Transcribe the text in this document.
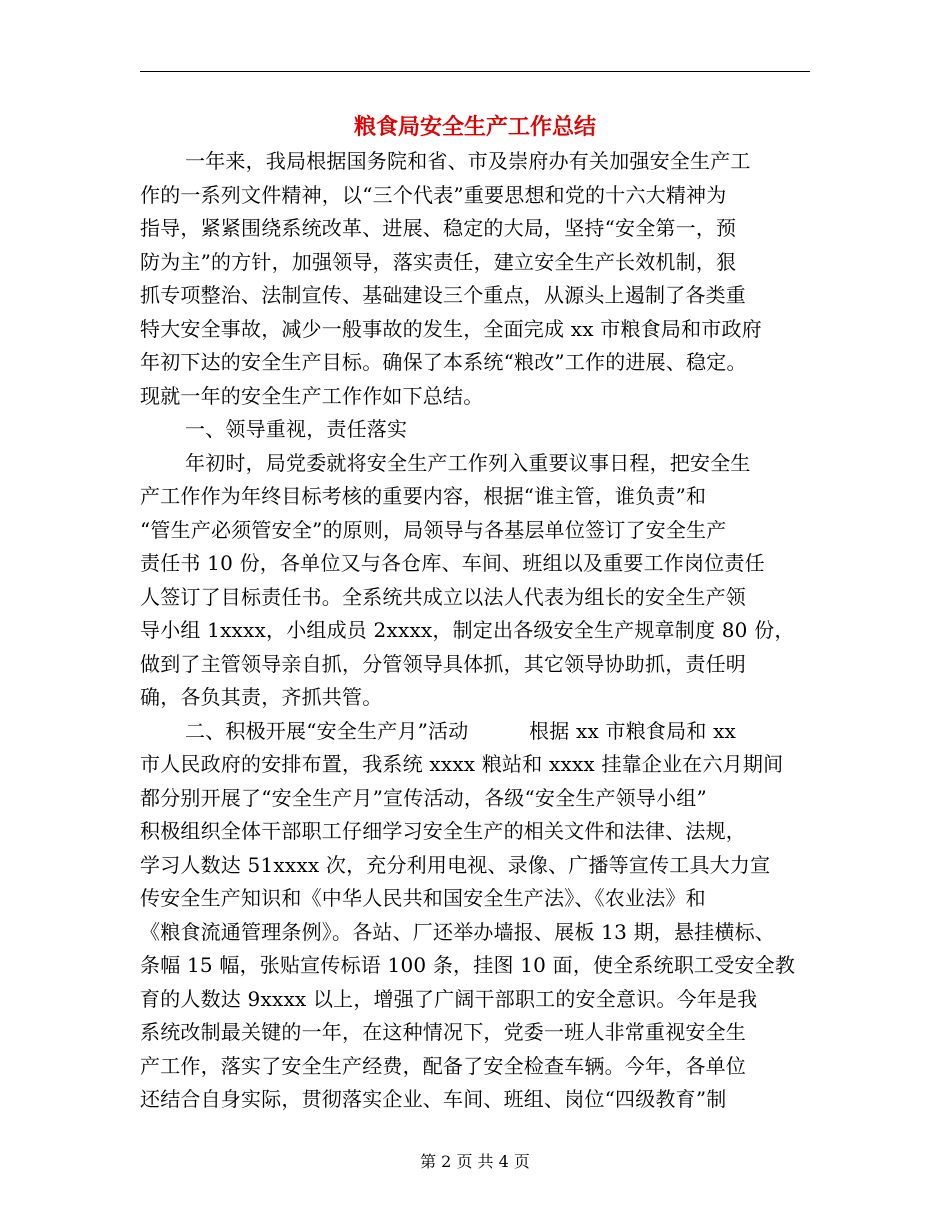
粮食局安全生产工作总结
一年来，我局根据国务院和省、市及崇府办有关加强安全生产工
作的一系列文件精神，以“三个代表”重要思想和党的十六大精神为
指导，紧紧围绕系统改革、进展、稳定的大局，坚持“安全第一，预
防为主”的方针，加强领导，落实责任，建立安全生产长效机制，狠
抓专项整治、法制宣传、基础建设三个重点，从源头上遏制了各类重
特大安全事故，减少一般事故的发生，全面完成 xx 市粮食局和市政府
年初下达的安全生产目标。确保了本系统“粮改”工作的进展、稳定。
现就一年的安全生产工作作如下总结。
一、领导重视，责任落实
年初时，局党委就将安全生产工作列入重要议事日程，把安全生
产工作作为年终目标考核的重要内容，根据“谁主管，谁负责”和
“管生产必须管安全”的原则，局领导与各基层单位签订了安全生产
责任书 10 份，各单位又与各仓库、车间、班组以及重要工作岗位责任
人签订了目标责任书。全系统共成立以法人代表为组长的安全生产领
导小组 1xxxx，小组成员 2xxxx，制定出各级安全生产规章制度 80 份，
做到了主管领导亲自抓，分管领导具体抓，其它领导协助抓，责任明
确，各负其责，齐抓共管。
二、积极开展“安全生产月”活动　　　根据 xx 市粮食局和 xx
市人民政府的安排布置，我系统 xxxx 粮站和 xxxx 挂靠企业在六月期间
都分别开展了“安全生产月”宣传活动，各级“安全生产领导小组”
积极组织全体干部职工仔细学习安全生产的相关文件和法律、法规，
学习人数达 51xxxx 次，充分利用电视、录像、广播等宣传工具大力宣
传安全生产知识和《中华人民共和国安全生产法》、《农业法》和
《粮食流通管理条例》。各站、厂还举办墙报、展板 13 期，悬挂横标、
条幅 15 幅，张贴宣传标语 100 条，挂图 10 面，使全系统职工受安全教
育的人数达 9xxxx 以上，增强了广阔干部职工的安全意识。今年是我
系统改制最关键的一年，在这种情况下，党委一班人非常重视安全生
产工作，落实了安全生产经费，配备了安全检查车辆。今年，各单位
还结合自身实际，贯彻落实企业、车间、班组、岗位“四级教育”制
第 2 页 共 4 页
